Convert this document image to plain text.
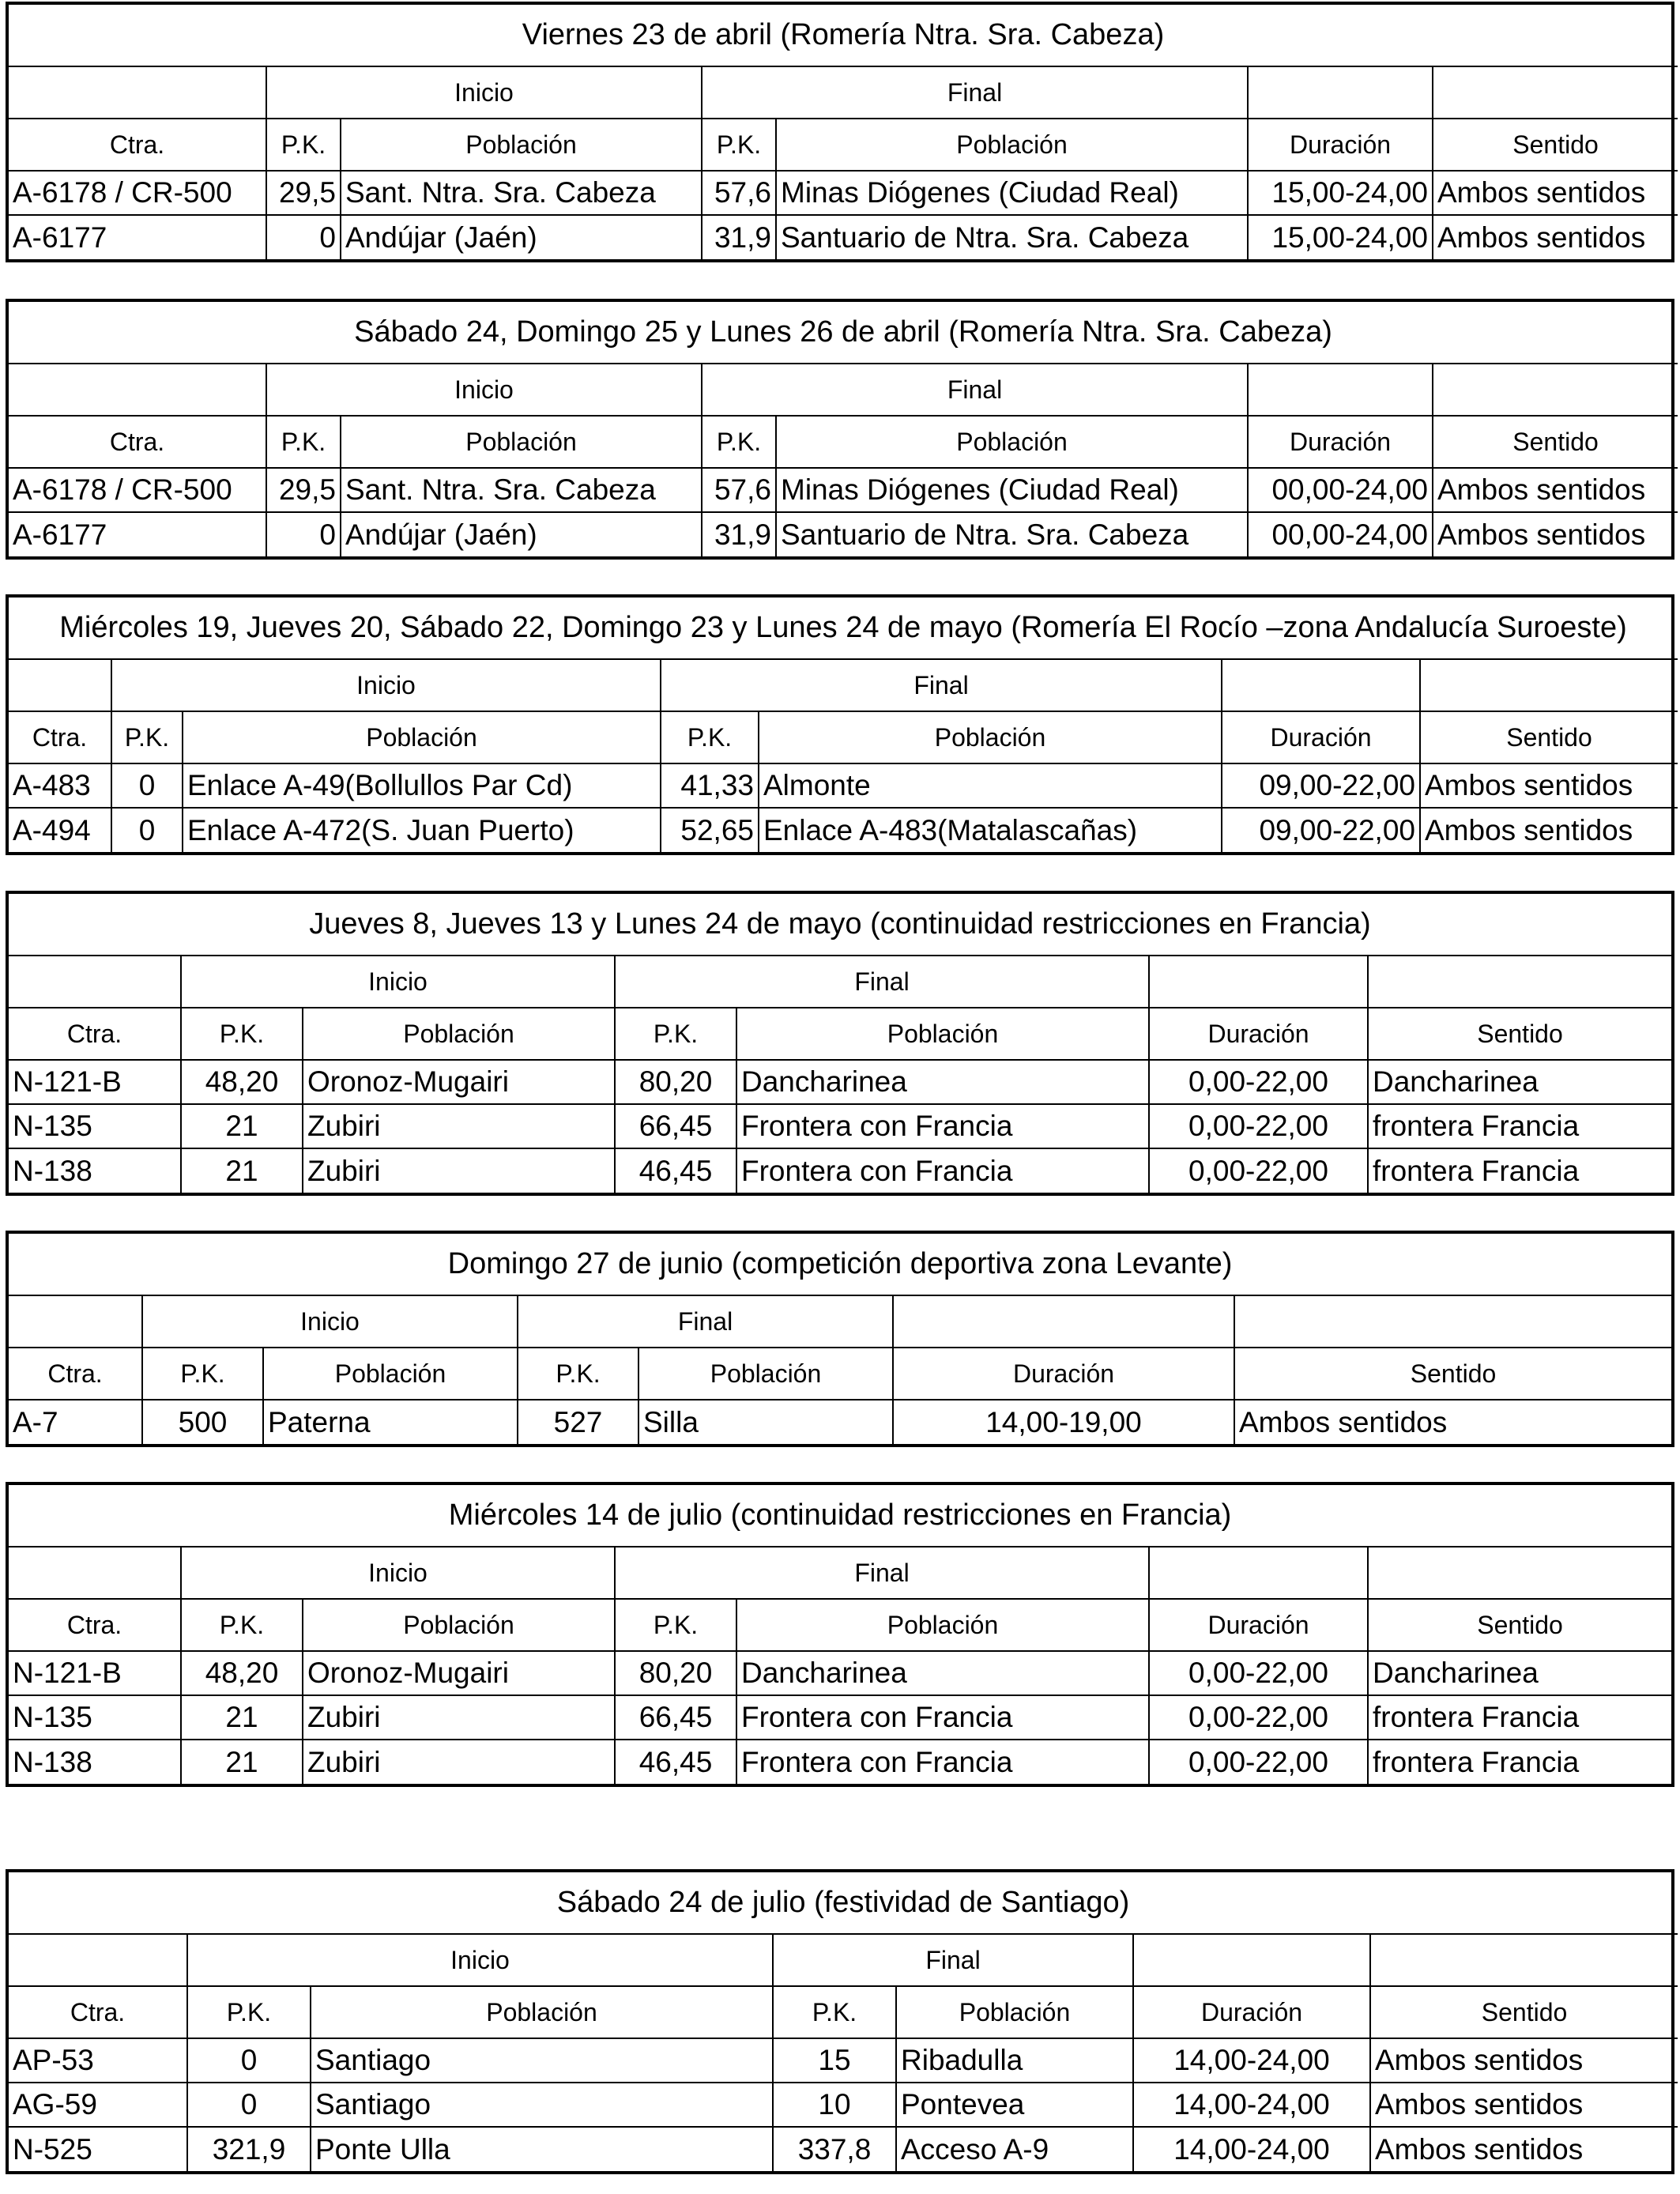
Viernes 23 de abril (Romería Ntra. Sra. Cabeza)						
	Inicio		Final			
Ctra.	P.K.	Población	P.K.	Población	Duración	Sentido
A-6178 / CR-500	29,5	Sant. Ntra. Sra. Cabeza	57,6	Minas Diógenes (Ciudad Real)	15,00-24,00	Ambos sentidos
A-6177	0	Andújar (Jaén)	31,9	Santuario de Ntra. Sra. Cabeza	15,00-24,00	Ambos sentidos
Sábado 24, Domingo 25 y Lunes 26 de abril (Romería Ntra. Sra. Cabeza)						
	Inicio		Final			
Ctra.	P.K.	Población	P.K.	Población	Duración	Sentido
A-6178 / CR-500	29,5	Sant. Ntra. Sra. Cabeza	57,6	Minas Diógenes (Ciudad Real)	00,00-24,00	Ambos sentidos
A-6177	0	Andújar (Jaén)	31,9	Santuario de Ntra. Sra. Cabeza	00,00-24,00	Ambos sentidos
Miércoles 19, Jueves 20, Sábado 22, Domingo 23 y Lunes 24 de mayo (Romería El Rocío –zona Andalucía Suroeste)						
	Inicio		Final			
Ctra.	P.K.	Población	P.K.	Población	Duración	Sentido
A-483	0	Enlace A-49(Bollullos Par Cd)	41,33	Almonte	09,00-22,00	Ambos sentidos
A-494	0	Enlace A-472(S. Juan Puerto)	52,65	Enlace A-483(Matalascañas)	09,00-22,00	Ambos sentidos
Jueves 8, Jueves 13 y Lunes 24 de mayo (continuidad restricciones en Francia)						
	Inicio		Final			
Ctra.	P.K.	Población	P.K.	Población	Duración	Sentido
N-121-B	48,20	Oronoz-Mugairi	80,20	Dancharinea	0,00-22,00	Dancharinea
N-135	21	Zubiri	66,45	Frontera con Francia	0,00-22,00	frontera Francia
N-138	21	Zubiri	46,45	Frontera con Francia	0,00-22,00	frontera Francia
Domingo 27 de junio (competición deportiva zona Levante)						
	Inicio		Final			
Ctra.	P.K.	Población	P.K.	Población	Duración	Sentido
A-7	500	Paterna	527	Silla	14,00-19,00	Ambos sentidos
Miércoles 14 de julio (continuidad restricciones en Francia)						
	Inicio		Final			
Ctra.	P.K.	Población	P.K.	Población	Duración	Sentido
N-121-B	48,20	Oronoz-Mugairi	80,20	Dancharinea	0,00-22,00	Dancharinea
N-135	21	Zubiri	66,45	Frontera con Francia	0,00-22,00	frontera Francia
N-138	21	Zubiri	46,45	Frontera con Francia	0,00-22,00	frontera Francia
Sábado 24 de julio (festividad de Santiago)						
	Inicio		Final			
Ctra.	P.K.	Población	P.K.	Población	Duración	Sentido
AP-53	0	Santiago	15	Ribadulla	14,00-24,00	Ambos sentidos
AG-59	0	Santiago	10	Pontevea	14,00-24,00	Ambos sentidos
N-525	321,9	Ponte Ulla	337,8	Acceso A-9	14,00-24,00	Ambos sentidos
